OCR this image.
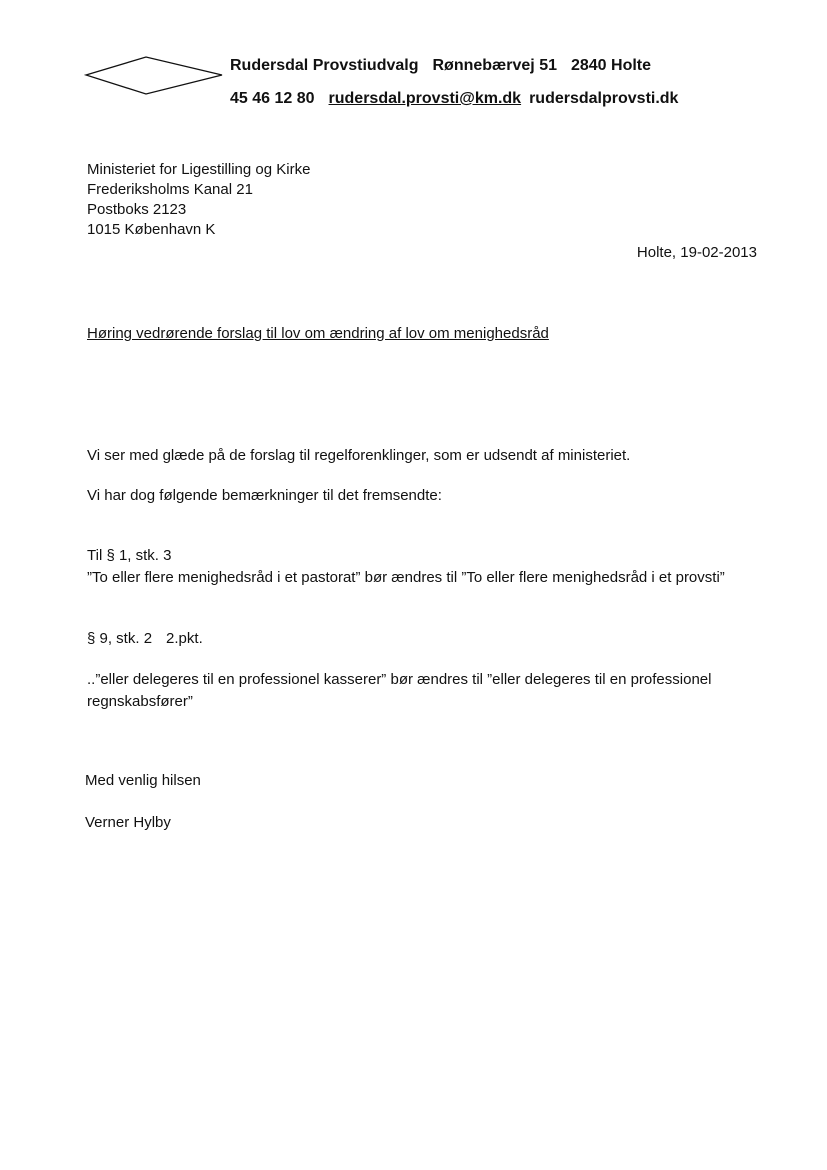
Rudersdal Provstiudvalg Rønnebærvej 51 2840 Holte
45 46 12 80 rudersdal.provsti@km.dk rudersdalprovsti.dk
Ministeriet for Ligestilling og Kirke
Frederiksholms Kanal 21
Postboks 2123
1015 København K
Holte, 19-02-2013
Høring vedrørende forslag til lov om ændring af lov om menighedsråd
Vi ser med glæde på de forslag til regelforenklinger, som er udsendt af ministeriet.
Vi har dog følgende bemærkninger til det fremsendte:
Til § 1, stk. 3
”To eller flere menighedsråd i et pastorat” bør ændres til ”To eller flere menighedsråd i et provsti”
§ 9, stk. 2 2.pkt.
..”eller delegeres til en professionel kasserer” bør ændres til ”eller delegeres til en professionel
regnskabsfører”
Med venlig hilsen
Verner Hylby
